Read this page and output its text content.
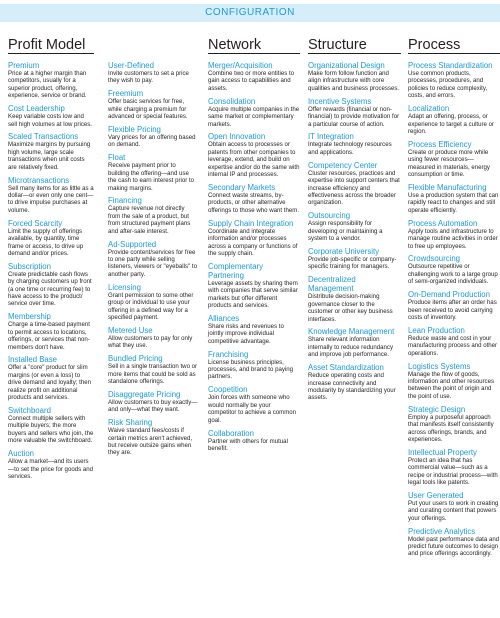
CONFIGURATION
Profit Model
Premium

Price at a higher margin than competitors, usually for a superior product, offering, experience, service or brand.

Cost Leadership

Keep variable costs low and sell high volumes at low prices.

Scaled Transactions

Maximize margins by pursuing high volume, large scale transactions when unit costs are relatively fixed.

Microtransactions

Sell many items for as little as a dollar—or even only one cent—to drive impulse purchases at volume.

Forced Scarcity

Limit the supply of offerings available, by quantity, time frame or access, to drive up demand and/or prices.

Subscription

Create predictable cash flows by charging customers up front (a one time or recurring fee) to have access to the product/ service over time.

Membership

Charge a time-based payment to permit access to locations, offerings, or services that non-members don't have.

Installed Base

Offer a "core" product for slim margins (or even a loss) to drive demand and loyalty; then realize profit on additional products and services.

Switchboard

Connect multiple sellers with multiple buyers; the more buyers and sellers who join, the more valuable the switchboard.

Auction

Allow a market—and its users—to set the price for goods and services.

User-Defined

Invite customers to set a price they wish to pay.

Freemium

Offer basic services for free, while charging a premium for advanced or special features.

Flexible Pricing

Vary prices for an offering based on demand.

Float

Receive payment prior to building the offering—and use the cash to earn interest prior to making margins.

Financing

Capture revenue not directly from the sale of a product, but from structured payment plans and after-sale interest.

Ad-Supported

Provide content/services for free to one party while selling listeners, viewers or "eyeballs" to another party.

Licensing

Grant permission to some other group or individual to use your offering in a defined way for a specified payment.

Metered Use

Allow customers to pay for only what they use.

Bundled Pricing

Sell in a single transaction two or more items that could be sold as standalone offerings.

Disaggregate Pricing

Allow customers to buy exactly—and only—what they want.

Risk Sharing

Waive standard fees/costs if certain metrics aren't achieved, but receive outsize gains when they are.

Network
Merger/Acquisition

Combine two or more entities to gain access to capabilities and assets.

Consolidation

Acquire multiple companies in the same market or complementary markets.

Open Innovation

Obtain access to processes or patents from other companies to leverage, extend, and build on expertise and/or do the same with internal IP and processes.

Secondary Markets

Connect waste streams, by-products, or other alternative offerings to those who want them.

Supply Chain Integration

Coordinate and integrate information and/or processes across a company or functions of the supply chain.

Complementary Partnering

Leverage assets by sharing them with companies that serve similar markets but offer different products and services.

Alliances

Share risks and revenues to jointly improve individual competitive advantage.

Franchising

License business principles, processes, and brand to paying partners.

Coopetition

Join forces with someone who would normally be your competitor to achieve a common goal.

Collaboration

Partner with others for mutual benefit.

Structure
Organizational Design

Make form follow function and align infrastructure with core qualities and business processes.

Incentive Systems

Offer rewards (financial or non-financial) to provide motivation for a particular course of action.

IT Integration

Integrate technology resources and applications.

Competency Center

Cluster resources, practices and expertise into support centers that increase efficiency and effectiveness across the broader organization.

Outsourcing

Assign responsibility for developing or maintaining a system to a vendor.

Corporate University

Provide job-specific or company-specific training for managers.

Decentralized Management

Distribute decision-making governance closer to the customer or other key business interfaces.

Knowledge Management

Share relevant information internally to reduce redundancy and improve job performance.

Asset Standardization

Reduce operating costs and increase connectivity and modularity by standardizing your assets.

Process
Process Standardization

Use common products, processes, procedures, and policies to reduce complexity, costs, and errors.

Localization

Adapt an offering, process, or experience to target a culture or region.

Process Efficiency

Create or produce more while using fewer resources—measured in materials, energy consumption or time.

Flexible Manufacturing

Use a production system that can rapidly react to changes and still operate efficiently.

Process Automation

Apply tools and infrastructure to manage routine activities in order to free up employees.

Crowdsourcing

Outsource repetitive or challenging work to a large group of semi-organized individuals.

On-Demand Production

Produce items after an order has been received to avoid carrying costs of inventory.

Lean Production

Reduce waste and cost in your manufacturing process and other operations.

Logistics Systems

Manage the flow of goods, information and other resources between the point of origin and the point of use.

Strategic Design

Employ a purposeful approach that manifests itself consistently across offerings, brands, and experiences.

Intellectual Property

Protect an idea that has commercial value—such as a recipe or industrial process—with legal tools like patents.

User Generated

Put your users to work in creating and curating content that powers your offerings.

Predictive Analytics

Model past performance data and predict future outcomes to design and price offerings accordingly.
